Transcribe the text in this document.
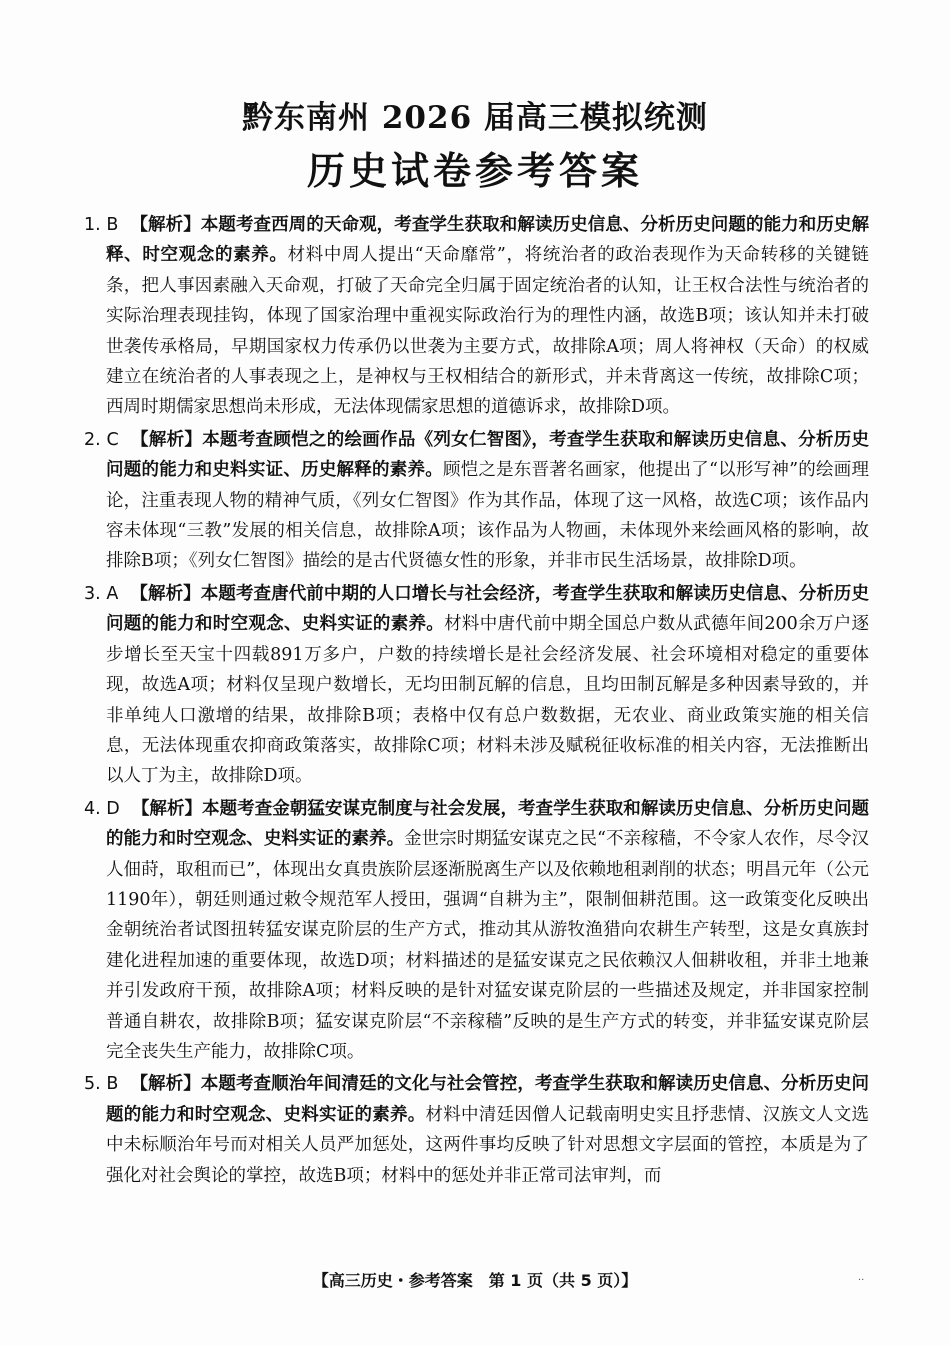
黔东南州 2026 届高三模拟统测
历史试卷参考答案

1. B 【解析】本题考查西周的天命观，考查学生获取和解读历史信息、分析历史问题的能力和历史解释、时空观念的素养。材料中周人提出“天命靡常”，将统治者的政治表现作为天命转移的关键链条，把人事因素融入天命观，打破了天命完全归属于固定统治者的认知，让王权合法性与统治者的实际治理表现挂钩，体现了国家治理中重视实际政治行为的理性内涵，故选B项；该认知并未打破世袭传承格局，早期国家权力传承仍以世袭为主要方式，故排除A项；周人将神权（天命）的权威建立在统治者的人事表现之上，是神权与王权相结合的新形式，并未背离这一传统，故排除C项；西周时期儒家思想尚未形成，无法体现儒家思想的道德诉求，故排除D项。

2. C 【解析】本题考查顾恺之的绘画作品《列女仁智图》，考查学生获取和解读历史信息、分析历史问题的能力和史料实证、历史解释的素养。顾恺之是东晋著名画家，他提出了“以形写神”的绘画理论，注重表现人物的精神气质，《列女仁智图》作为其作品，体现了这一风格，故选C项；该作品内容未体现“三教”发展的相关信息，故排除A项；该作品为人物画，未体现外来绘画风格的影响，故排除B项；《列女仁智图》描绘的是古代贤德女性的形象，并非市民生活场景，故排除D项。

3. A 【解析】本题考查唐代前中期的人口增长与社会经济，考查学生获取和解读历史信息、分析历史问题的能力和时空观念、史料实证的素养。材料中唐代前中期全国总户数从武德年间200余万户逐步增长至天宝十四载891万多户，户数的持续增长是社会经济发展、社会环境相对稳定的重要体现，故选A项；材料仅呈现户数增长，无均田制瓦解的信息，且均田制瓦解是多种因素导致的，并非单纯人口激增的结果，故排除B项；表格中仅有总户数数据，无农业、商业政策实施的相关信息，无法体现重农抑商政策落实，故排除C项；材料未涉及赋税征收标准的相关内容，无法推断出以人丁为主，故排除D项。

4. D 【解析】本题考查金朝猛安谋克制度与社会发展，考查学生获取和解读历史信息、分析历史问题的能力和时空观念、史料实证的素养。金世宗时期猛安谋克之民“不亲稼穑，不令家人农作，尽令汉人佃莳，取租而已”，体现出女真贵族阶层逐渐脱离生产以及依赖地租剥削的状态；明昌元年（公元1190年），朝廷则通过敕令规范军人授田，强调“自耕为主”，限制佃耕范围。这一政策变化反映出金朝统治者试图扭转猛安谋克阶层的生产方式，推动其从游牧渔猎向农耕生产转型，这是女真族封建化进程加速的重要体现，故选D项；材料描述的是猛安谋克之民依赖汉人佃耕收租，并非土地兼并引发政府干预，故排除A项；材料反映的是针对猛安谋克阶层的一些描述及规定，并非国家控制普通自耕农，故排除B项；猛安谋克阶层“不亲稼穑”反映的是生产方式的转变，并非猛安谋克阶层完全丧失生产能力，故排除C项。

5. B 【解析】本题考查顺治年间清廷的文化与社会管控，考查学生获取和解读历史信息、分析历史问题的能力和时空观念、史料实证的素养。材料中清廷因僧人记载南明史实且抒悲情、汉族文人文选中未标顺治年号而对相关人员严加惩处，这两件事均反映了针对思想文字层面的管控，本质是为了强化对社会舆论的掌控，故选B项；材料中的惩处并非正常司法审判，而

【高三历史・参考答案　第 1 页（共 5 页）】	..
